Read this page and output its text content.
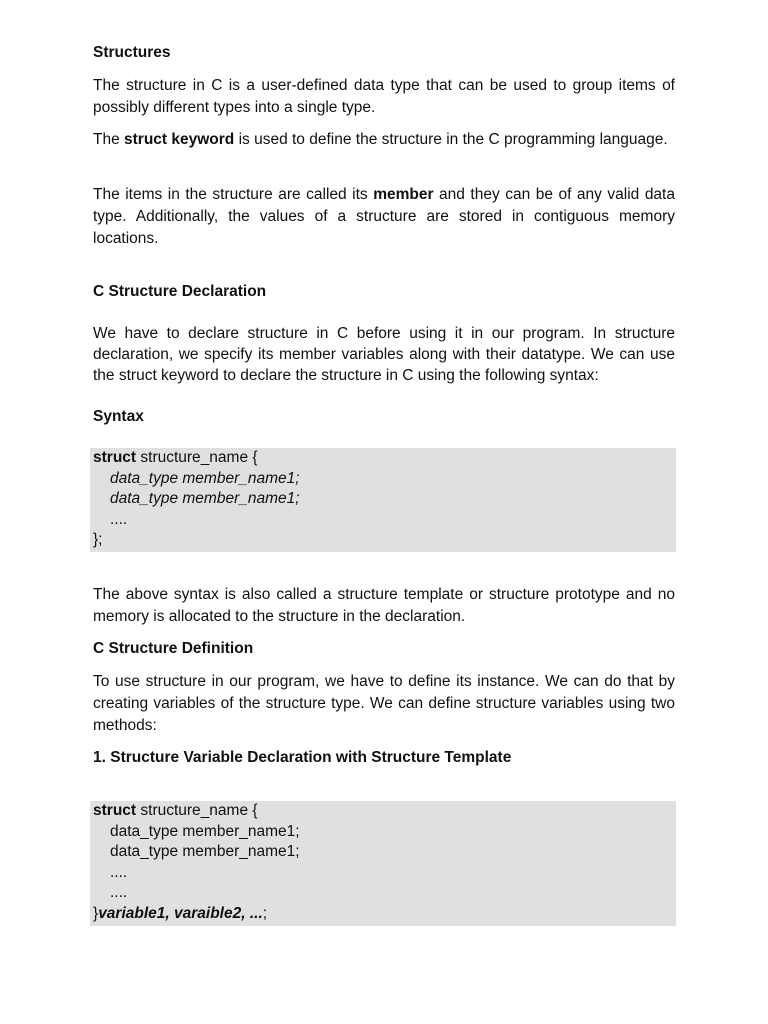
Structures
The structure in C is a user-defined data type that can be used to group items of possibly different types into a single type.
The struct keyword is used to define the structure in the C programming language.
The items in the structure are called its member and they can be of any valid data type. Additionally, the values of a structure are stored in contiguous memory locations.
C Structure Declaration
We have to declare structure in C before using it in our program. In structure declaration, we specify its member variables along with their datatype. We can use the struct keyword to declare the structure in C using the following syntax:
Syntax
struct structure_name {
data_type member_name1;
data_type member_name1;
....
};
The above syntax is also called a structure template or structure prototype and no memory is allocated to the structure in the declaration.
C Structure Definition
To use structure in our program, we have to define its instance. We can do that by creating variables of the structure type. We can define structure variables using two methods:
1. Structure Variable Declaration with Structure Template
struct structure_name {
data_type member_name1;
data_type member_name1;
....
....
}variable1, varaible2, ...;
